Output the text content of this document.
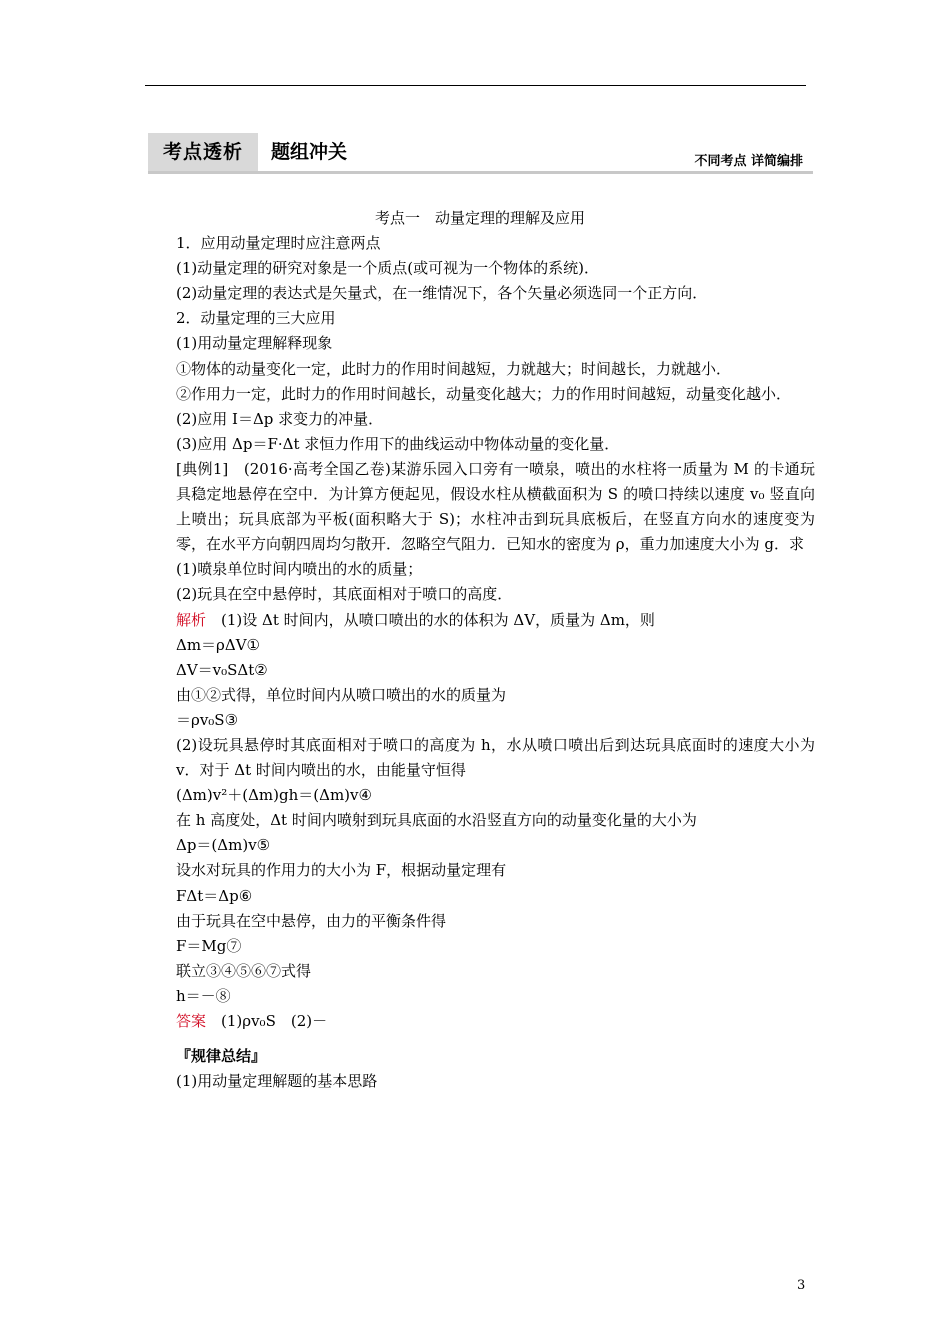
考点透析	题组冲关	不同考点 详简编排

考点一　动量定理的理解及应用

1．应用动量定理时应注意两点

(1)动量定理的研究对象是一个质点(或可视为一个物体的系统)．

(2)动量定理的表达式是矢量式，在一维情况下，各个矢量必须选同一个正方向．

2．动量定理的三大应用

(1)用动量定理解释现象

①物体的动量变化一定，此时力的作用时间越短，力就越大；时间越长，力就越小．

②作用力一定，此时力的作用时间越长，动量变化越大；力的作用时间越短，动量变化越小．

(2)应用 I＝Δp 求变力的冲量．

(3)应用 Δp＝F·Δt 求恒力作用下的曲线运动中物体动量的变化量．

[典例1]　(2016·高考全国乙卷)某游乐园入口旁有一喷泉，喷出的水柱将一质量为 M 的卡通玩具稳定地悬停在空中．为计算方便起见，假设水柱从横截面积为 S 的喷口持续以速度 v₀ 竖直向上喷出；玩具底部为平板(面积略大于 S)；水柱冲击到玩具底板后，在竖直方向水的速度变为零，在水平方向朝四周均匀散开．忽略空气阻力．已知水的密度为 ρ，重力加速度大小为 g．求

(1)喷泉单位时间内喷出的水的质量；

(2)玩具在空中悬停时，其底面相对于喷口的高度．

解析　(1)设 Δt 时间内，从喷口喷出的水的体积为 ΔV，质量为 Δm，则

Δm＝ρΔV①

ΔV＝v₀SΔt②

由①②式得，单位时间内从喷口喷出的水的质量为

＝ρv₀S③

(2)设玩具悬停时其底面相对于喷口的高度为 h，水从喷口喷出后到达玩具底面时的速度大小为 v．对于 Δt 时间内喷出的水，由能量守恒得

(Δm)v²＋(Δm)gh＝(Δm)v④

在 h 高度处，Δt 时间内喷射到玩具底面的水沿竖直方向的动量变化量的大小为

Δp＝(Δm)v⑤

设水对玩具的作用力的大小为 F，根据动量定理有

FΔt＝Δp⑥

由于玩具在空中悬停，由力的平衡条件得

F＝Mg⑦

联立③④⑤⑥⑦式得

h＝－⑧

答案　(1)ρv₀S　(2)－

『规律总结』

(1)用动量定理解题的基本思路

3
